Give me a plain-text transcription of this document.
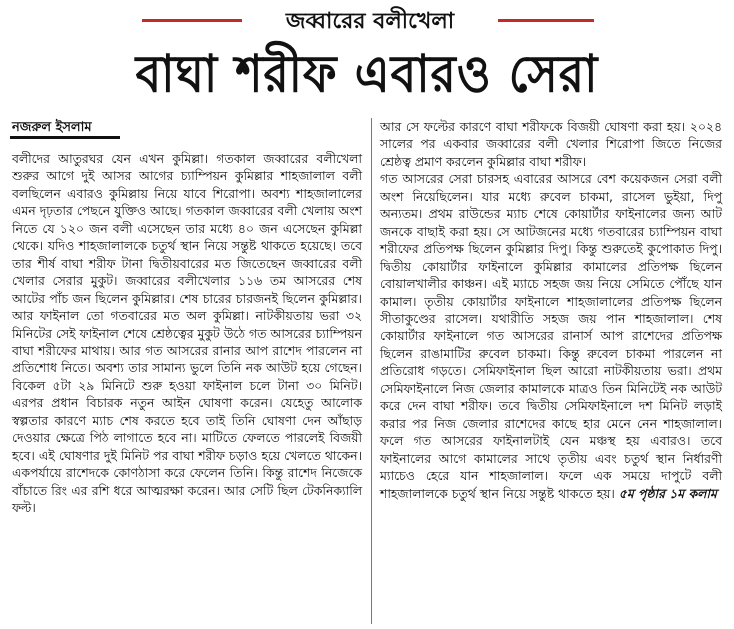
জব্বারের বলীখেলা
বাঘা শরীফ এবারও সেরা
নজরুল ইসলাম

বলীদের আতুরঘর যেন এখন কুমিল্লা। গতকাল জব্বারের বলীখেলা শুরুর আগে দুই আসর আগের চ্যাম্পিয়ন কুমিল্লার শাহজালাল বলী বলছিলেন এবারও কুমিল্লায় নিয়ে যাবে শিরোপা। অবশ্য শাহজালালের এমন দৃঢ়তার পেছনে যুক্তিও আছে। গতকাল জব্বারের বলী খেলায় অংশ নিতে যে ১২০ জন বলী এসেছেন তার মধ্যে ৪০ জন এসেছেন কুমিল্লা থেকে। যদিও শাহজালালকে চতুর্থ স্থান নিয়ে সন্তুষ্ট থাকতে হয়েছে। তবে তার শীর্ষ বাঘা শরীফ টানা দ্বিতীয়বারের মত জিতেছেন জব্বারের বলী খেলার সেরার মুকুট। জব্বারের বলীখেলার ১১৬ তম আসরের শেষ আটের পাঁচ জন ছিলেন কুমিল্লার। শেষ চারের চারজনই ছিলেন কুমিল্লার। আর ফাইনাল তো গতবারের মত অল কুমিল্লা। নাটকীয়তায় ভরা ৩২ মিনিটের সেই ফাইনাল শেষে শ্রেষ্ঠত্বের মুকুট উঠে গত আসরের চ্যাম্পিয়ন বাঘা শরীফের মাথায়। আর গত আসরের রানার আপ রাশেদ পারলেন না প্রতিশোধ নিতে। অবশ্য তার সামান্য ভুলে তিনি নক আউট হয়ে গেছেন। বিকেল ৫টা ২৯ মিনিটে শুরু হওয়া ফাইনাল চলে টানা ৩০ মিনিট। এরপর প্রধান বিচারক নতুন আইন ঘোষণা করেন। যেহেতু আলোক স্বল্পতার কারণে ম্যাচ শেষ করতে হবে তাই তিনি ঘোষণা দেন আঁছাড় দেওয়ার ক্ষেত্রে পিঠ লাগাতে হবে না। মাটিতে ফেলতে পারলেই বিজয়ী হবে। এই ঘোষণার দুই মিনিট পর বাঘা শরীফ চড়াও হয়ে খেলতে থাকেন। একপর্যায়ে রাশেদকে কোণঠাসা করে ফেলেন তিনি। কিন্তু রাশেদ নিজেকে বাঁচাতে রিং এর রশি ধরে আত্মরক্ষা করেন। আর সেটি ছিল টেকনিক্যালি ফল্ট।

আর সে ফল্টের কারণে বাঘা শরীফকে বিজয়ী ঘোষণা করা হয়। ২০২৪ সালের পর একবার জব্বারের বলী খেলার শিরোপা জিতে নিজের শ্রেষ্ঠত্ব প্রমাণ করলেন কুমিল্লার বাঘা শরীফ।

গত আসরের সেরা চারসহ এবারের আসরে বেশ কয়েকজন সেরা বলী অংশ নিয়েছিলেন। যার মধ্যে রুবেল চাকমা, রাসেল ভুইয়া, দিপু অন্যতম। প্রথম রাউন্ডের ম্যাচ শেষে কোয়ার্টার ফাইনালের জন্য আট জনকে বাছাই করা হয়। সে আটজনের মধ্যে গতবারের চ্যাম্পিয়ন বাঘা শরীফের প্রতিপক্ষ ছিলেন কুমিল্লার দিপু। কিন্তু শুরুতেই কুপোকাত দিপু। দ্বিতীয় কোয়ার্টার ফাইনালে কুমিল্লার কামালের প্রতিপক্ষ ছিলেন বোয়ালখালীর কাঞ্চন। এই ম্যাচে সহজ জয় নিয়ে সেমিতে পৌঁছে যান কামাল। তৃতীয় কোয়ার্টার ফাইনালে শাহজালালের প্রতিপক্ষ ছিলেন সীতাকুণ্ডের রাসেল। যথারীতি সহজ জয় পান শাহজালাল। শেষ কোয়ার্টার ফাইনালে গত আসরের রানার্স আপ রাশেদের প্রতিপক্ষ ছিলেন রাঙামাটির রুবেল চাকমা। কিন্তু রুবেল চাকমা পারলেন না প্রতিরোধ গড়তে। সেমিফাইনাল ছিল আরো নাটকীয়তায় ভরা। প্রথম সেমিফাইনালে নিজ জেলার কামালকে মাত্রও তিন মিনিটেই নক আউট করে দেন বাঘা শরীফ। তবে দ্বিতীয় সেমিফাইনালে দশ মিনিট লড়াই করার পর নিজ জেলার রাশেদের কাছে হার মেনে নেন শাহজালাল। ফলে গত আসরের ফাইনালটাই যেন মঞ্চস্থ হয় এবারও। তবে ফাইনালের আগে কামালের সাথে তৃতীয় এবং চতুর্থ স্থান নির্ধারণী ম্যাচেও হেরে যান শাহজালাল। ফলে এক সময়ে দাপুটে বলী শাহজালালকে চতুর্থ স্থান নিয়ে সন্তুষ্ট থাকতে হয়। ৫ম পৃষ্ঠার ১ম কলাম
